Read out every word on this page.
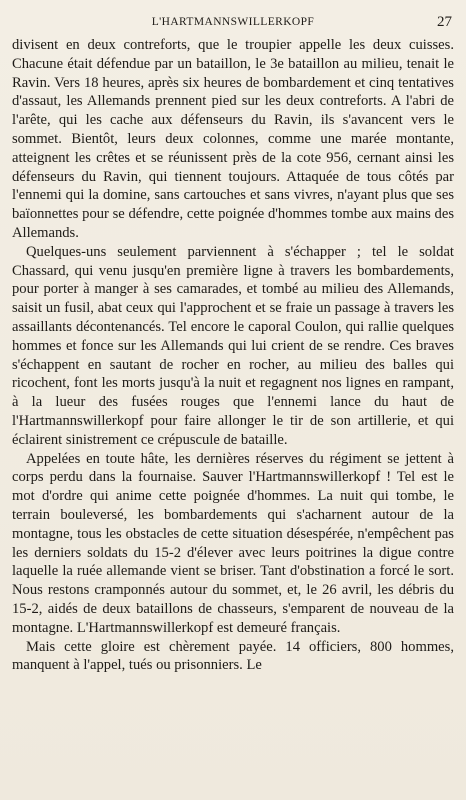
L'HARTMANNSWILLERKOPF	27

divisent en deux contreforts, que le troupier appelle les deux cuisses. Chacune était défendue par un bataillon, le 3e bataillon au milieu, tenait le Ravin. Vers 18 heures, après six heures de bombardement et cinq tentatives d'assaut, les Allemands prennent pied sur les deux contreforts. A l'abri de l'arête, qui les cache aux défenseurs du Ravin, ils s'avancent vers le sommet. Bientôt, leurs deux colonnes, comme une marée montante, atteignent les crêtes et se réunissent près de la cote 956, cernant ainsi les défenseurs du Ravin, qui tiennent toujours. Attaquée de tous côtés par l'ennemi qui la domine, sans cartouches et sans vivres, n'ayant plus que ses baïonnettes pour se défendre, cette poignée d'hommes tombe aux mains des Allemands.

Quelques-uns seulement parviennent à s'échapper ; tel le soldat Chassard, qui venu jusqu'en première ligne à travers les bombardements, pour porter à manger à ses camarades, et tombé au milieu des Allemands, saisit un fusil, abat ceux qui l'approchent et se fraie un passage à travers les assaillants décontenancés. Tel encore le caporal Coulon, qui rallie quelques hommes et fonce sur les Allemands qui lui crient de se rendre. Ces braves s'échappent en sautant de rocher en rocher, au milieu des balles qui ricochent, font les morts jusqu'à la nuit et regagnent nos lignes en rampant, à la lueur des fusées rouges que l'ennemi lance du haut de l'Hartmannswillerkopf pour faire allonger le tir de son artillerie, et qui éclairent sinistrement ce crépuscule de bataille.

Appelées en toute hâte, les dernières réserves du régiment se jettent à corps perdu dans la fournaise. Sauver l'Hartmannswillerkopf ! Tel est le mot d'ordre qui anime cette poignée d'hommes. La nuit qui tombe, le terrain bouleversé, les bombardements qui s'acharnent autour de la montagne, tous les obstacles de cette situation désespérée, n'empêchent pas les derniers soldats du 15-2 d'élever avec leurs poitrines la digue contre laquelle la ruée allemande vient se briser. Tant d'obstination a forcé le sort. Nous restons cramponnés autour du sommet, et, le 26 avril, les débris du 15-2, aidés de deux bataillons de chasseurs, s'emparent de nouveau de la montagne. L'Hartmannswillerkopf est demeuré français.

Mais cette gloire est chèrement payée. 14 officiers, 800 hommes, manquent à l'appel, tués ou prisonniers. Le
